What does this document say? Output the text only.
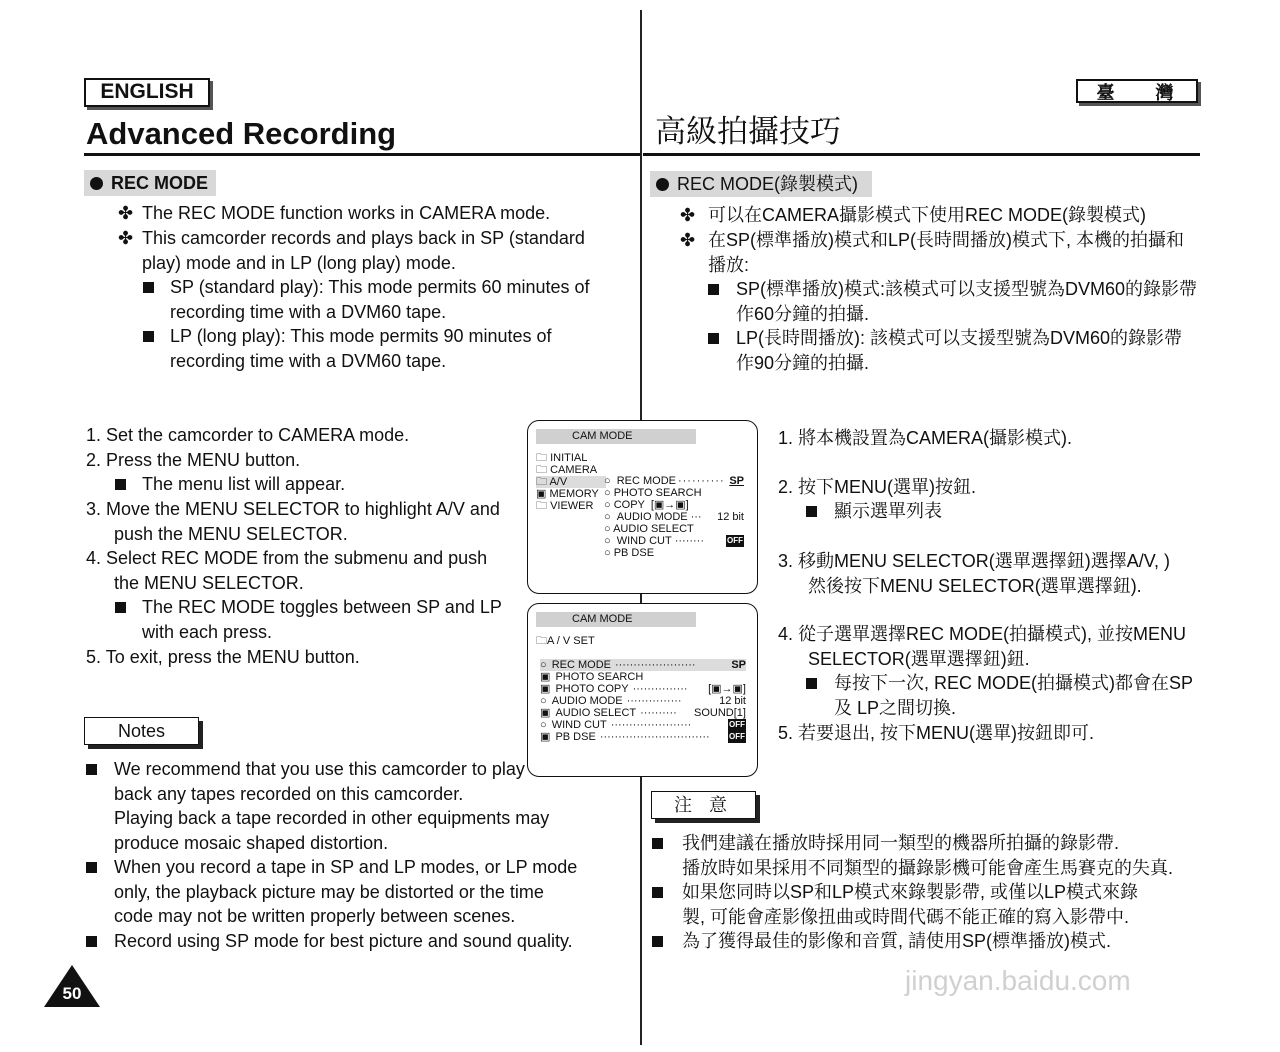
ENGLISH	臺 灣
Advanced Recording	高級拍攝技巧
REC MODE	REC MODE(錄製模式)
✤ The REC MODE function works in CAMERA mode.
✤ This camcorder records and plays back in SP (standard play) mode and in LP (long play) mode.
SP (standard play): This mode permits 60 minutes of recording time with a DVM60 tape.
LP (long play): This mode permits 90 minutes of recording time with a DVM60 tape.
1. Set the camcorder to CAMERA mode.
2. Press the MENU button.
The menu list will appear.
3. Move the MENU SELECTOR to highlight A/V and push the MENU SELECTOR.
4. Select REC MODE from the submenu and push the MENU SELECTOR.
The REC MODE toggles between SP and LP with each press.
5. To exit, press the MENU button.
Notes
We recommend that you use this camcorder to play back any tapes recorded on this camcorder.
Playing back a tape recorded in other equipments may produce mosaic shaped distortion.
When you record a tape in SP and LP modes, or LP mode only, the playback picture may be distorted or the time code may not be written properly between scenes.
Record using SP mode for best picture and sound quality.
CAM MODE
🗀 INITIAL
🗀 CAMERA
🗀 A/V
▣ MEMORY
🗀 VIEWER
○ REC MODE ·········· SP
○ PHOTO SEARCH
○ COPY [▣→▣]
○ AUDIO MODE ···	12 bit
○ AUDIO SELECT
○ WIND CUT ········	OFF
○ PB DSE
CAM MODE
🗀A / V SET
○ REC MODE ······················	SP
▣ PHOTO SEARCH
▣ PHOTO COPY ···············	[▣→▣]
○ AUDIO MODE ···············	12 bit
▣ AUDIO SELECT ··········	SOUND[1]
○ WIND CUT ······················	OFF
▣ PB DSE ······························	OFF
✤ 可以在CAMERA攝影模式下使用REC MODE(錄製模式)
✤ 在SP(標準播放)模式和LP(長時間播放)模式下, 本機的拍攝和播放:
SP(標準播放)模式:該模式可以支援型號為DVM60的錄影帶作60分鐘的拍攝.
LP(長時間播放): 該模式可以支援型號為DVM60的錄影帶作90分鐘的拍攝.
1. 將本機設置為CAMERA(攝影模式).
2. 按下MENU(選單)按鈕.
顯示選單列表
3. 移動MENU SELECTOR(選單選擇鈕)選擇A/V, )然後按下MENU SELECTOR(選單選擇鈕).
4. 從子選單選擇REC MODE(拍攝模式), 並按MENU SELECTOR(選單選擇鈕)鈕.
每按下一次, REC MODE(拍攝模式)都會在SP及 LP之間切換.
5. 若要退出, 按下MENU(選單)按鈕即可.
注 意
我們建議在播放時採用同一類型的機器所拍攝的錄影帶.
播放時如果採用不同類型的攝錄影機可能會產生馬賽克的失真.
如果您同時以SP和LP模式來錄製影帶, 或僅以LP模式來錄製, 可能會產影像扭曲或時間代碼不能正確的寫入影帶中.
為了獲得最佳的影像和音質, 請使用SP(標準播放)模式.
50	jingyan.baidu.com
